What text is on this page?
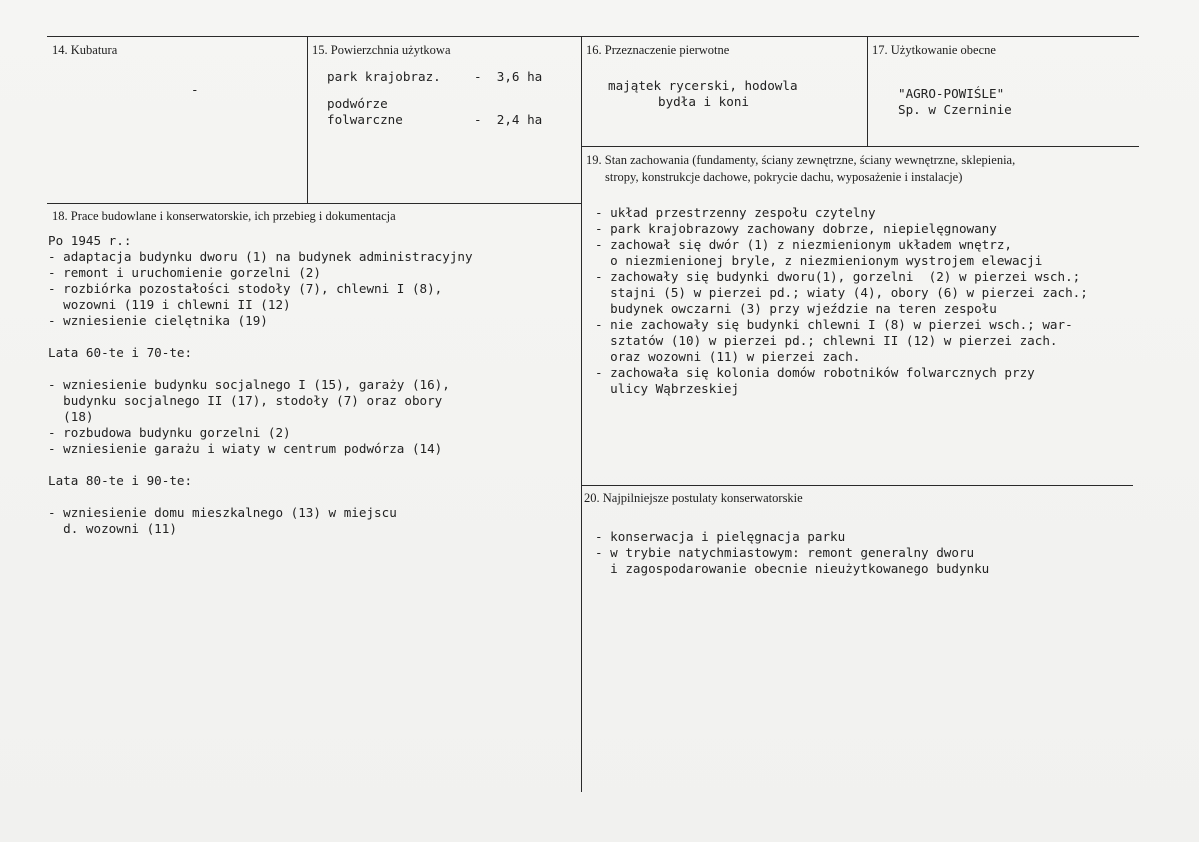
14. Kubatura
-
15. Powierzchnia użytkowa
park krajobraz.	-  3,6 ha
podwórze
folwarczne	-  2,4 ha
16. Przeznaczenie pierwotne
majątek rycerski, hodowla
bydła i koni
17. Użytkowanie obecne
"AGRO-POWIŚLE"
Sp. w Czerninie
19. Stan zachowania (fundamenty, ściany zewnętrzne, ściany wewnętrzne, sklepienia,
stropy, konstrukcje dachowe, pokrycie dachu, wyposażenie i instalacje)
- układ przestrzenny zespołu czytelny
- park krajobrazowy zachowany dobrze, niepielęgnowany
- zachował się dwór (1) z niezmienionym układem wnętrz,
o niezmienionej bryle, z niezmienionym wystrojem elewacji
- zachowały się budynki dworu(1), gorzelni  (2) w pierzei wsch.;
stajni (5) w pierzei pd.; wiaty (4), obory (6) w pierzei zach.;
budynek owczarni (3) przy wjeździe na teren zespołu
- nie zachowały się budynki chlewni I (8) w pierzei wsch.; war-
sztatów (10) w pierzei pd.; chlewni II (12) w pierzei zach.
oraz wozowni (11) w pierzei zach.
- zachowała się kolonia domów robotników folwarcznych przy
ulicy Wąbrzeskiej
18. Prace budowlane i konserwatorskie, ich przebieg i dokumentacja
Po 1945 r.:
- adaptacja budynku dworu (1) na budynek administracyjny
- remont i uruchomienie gorzelni (2)
- rozbiórka pozostałości stodoły (7), chlewni I (8),
wozowni (119 i chlewni II (12)
- wzniesienie cielętnika (19)
Lata 60-te i 70-te:
- wzniesienie budynku socjalnego I (15), garaży (16),
budynku socjalnego II (17), stodoły (7) oraz obory
(18)
- rozbudowa budynku gorzelni (2)
- wzniesienie garażu i wiaty w centrum podwórza (14)
Lata 80-te i 90-te:
- wzniesienie domu mieszkalnego (13) w miejscu
d. wozowni (11)
20. Najpilniejsze postulaty konserwatorskie
- konserwacja i pielęgnacja parku
- w trybie natychmiastowym: remont generalny dworu
i zagospodarowanie obecnie nieużytkowanego budynku
